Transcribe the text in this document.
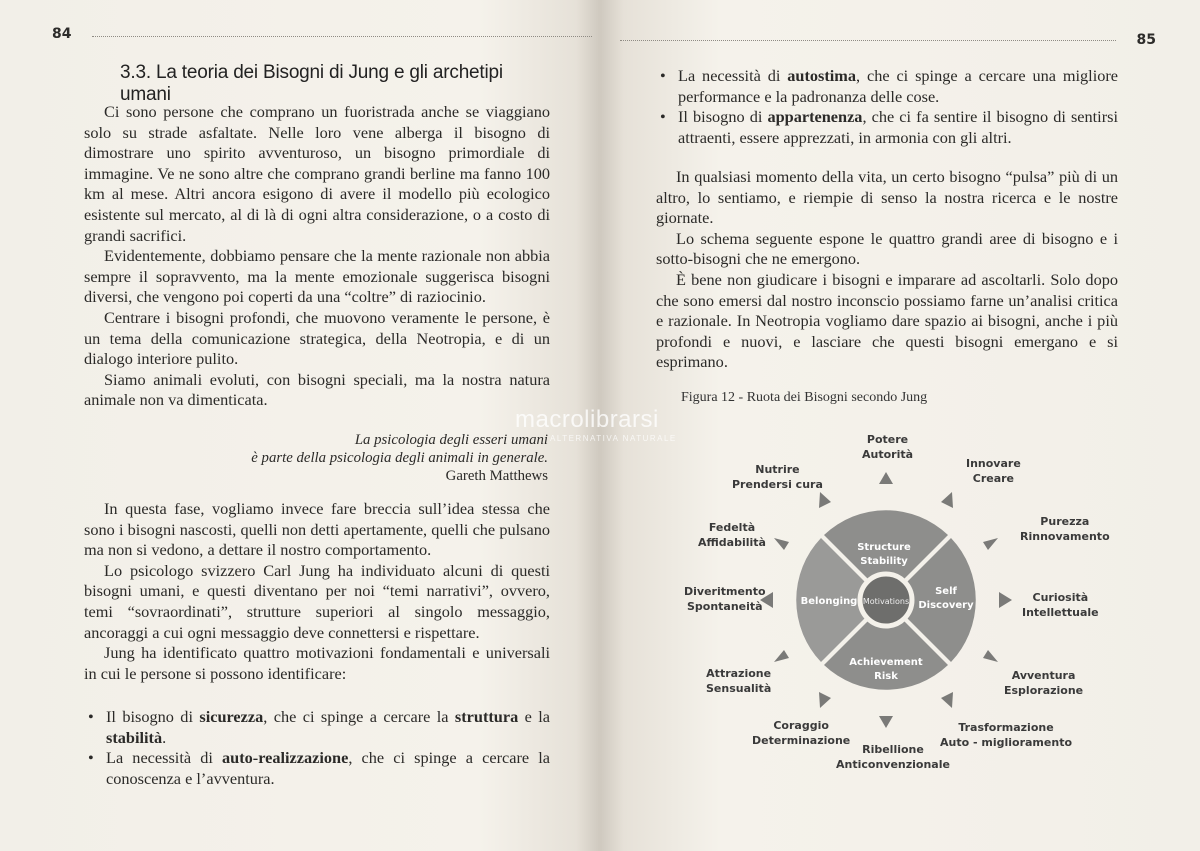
84
3.3. La teoria dei Bisogni di Jung e gli archetipi umani

Ci sono persone che comprano un fuoristrada anche se viaggiano solo su strade asfaltate. Nelle loro vene alberga il bisogno di dimostrare uno spirito avventuroso, un bisogno primordiale di immagine. Ve ne sono altre che comprano grandi berline ma fanno 100 km al mese. Altri ancora esigono di avere il modello più ecologico esistente sul mercato, al di là di ogni altra considerazione, o a costo di grandi sacrifici.

Evidentemente, dobbiamo pensare che la mente razionale non abbia sempre il sopravvento, ma la mente emozionale suggerisca bisogni diversi, che vengono poi coperti da una “coltre” di raziocinio.

Centrare i bisogni profondi, che muovono veramente le persone, è un tema della comunicazione strategica, della Neotropia, e di un dialogo interiore pulito.

Siamo animali evoluti, con bisogni speciali, ma la nostra natura animale non va dimenticata.

La psicologia degli esseri umani
è parte della psicologia degli animali in generale.
Gareth Matthews

In questa fase, vogliamo invece fare breccia sull’idea stessa che sono i bisogni nascosti, quelli non detti apertamente, quelli che pulsano ma non si vedono, a dettare il nostro comportamento.

Lo psicologo svizzero Carl Jung ha individuato alcuni di questi bisogni umani, e questi diventano per noi “temi narrativi”, ovvero, temi “sovraordinati”, strutture superiori al singolo messaggio, ancoraggi a cui ogni messaggio deve connettersi e rispettare.

Jung ha identificato quattro motivazioni fondamentali e universali in cui le persone si possono identificare:

• Il bisogno di sicurezza, che ci spinge a cercare la struttura e la stabilità.
• La necessità di auto-realizzazione, che ci spinge a cercare la conoscenza e l’avventura.
85
• La necessità di autostima, che ci spinge a cercare una migliore performance e la padronanza delle cose.
• Il bisogno di appartenenza, che ci fa sentire il bisogno di sentirsi attraenti, essere apprezzati, in armonia con gli altri.

In qualsiasi momento della vita, un certo bisogno “pulsa” più di un altro, lo sentiamo, e riempie di senso la nostra ricerca e le nostre giornate.

Lo schema seguente espone le quattro grandi aree di bisogno e i sotto-bisogni che ne emergono.

È bene non giudicare i bisogni e imparare ad ascoltarli. Solo dopo che sono emersi dal nostro inconscio possiamo farne un’analisi critica e razionale. In Neotropia vogliamo dare spazio ai bisogni, anche i più profondi e nuovi, e lasciare che questi bisogni emergano e si esprimano.

Figura 12 - Ruota dei Bisogni secondo Jung
Motivations
Structure
Stability
Self
Discovery
Achievement
Risk
Belonging
Potere
Autorità
Innovare
Creare
Purezza
Rinnovamento
Curiosità
Intellettuale
Avventura
Esplorazione
Trasformazione
Auto - miglioramento
Ribellione
Anticonvenzionale
Coraggio
Determinazione
Attrazione
Sensualità
Diveritmento
Spontaneità
Fedeltà
Affidabilità
Nutrire
Prendersi cura
macrolibrarsi
ALTERNATIVA NATURALE
